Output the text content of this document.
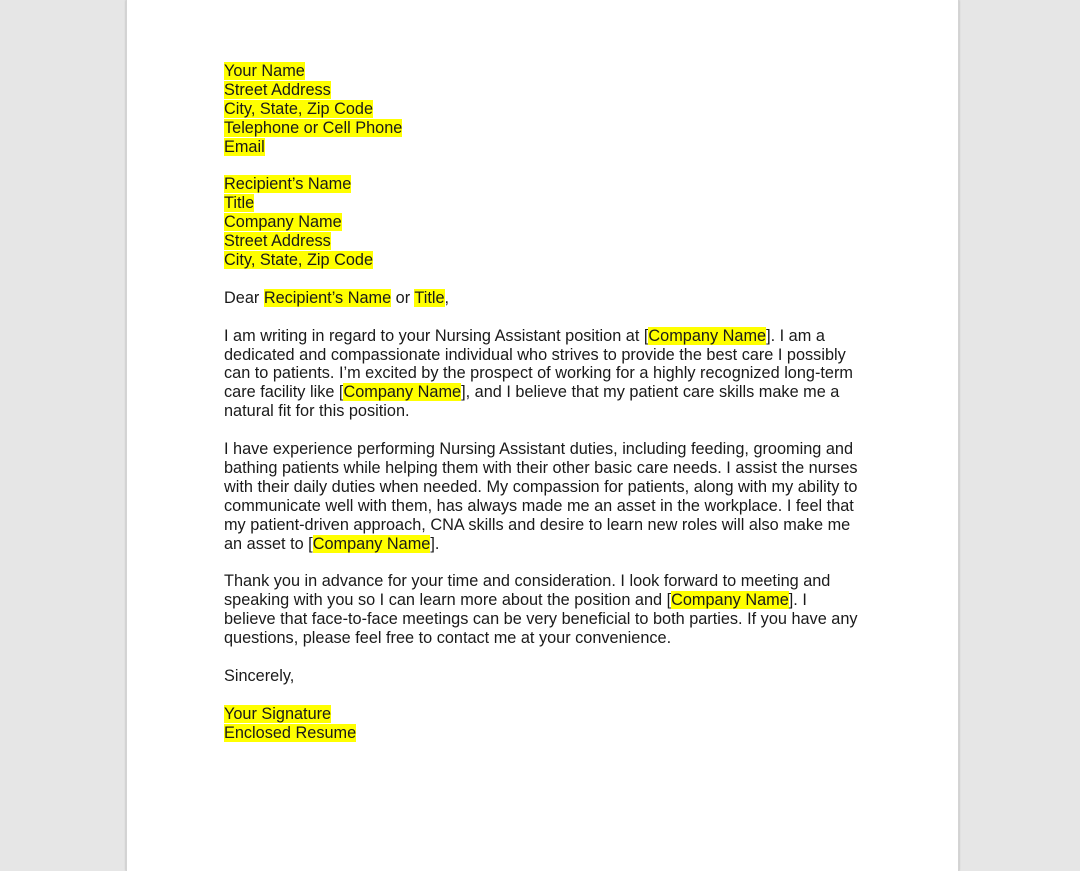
Your Name
Street Address
City, State, Zip Code
Telephone or Cell Phone
Email
Recipient’s Name
Title
Company Name
Street Address
City, State, Zip Code
Dear Recipient’s Name or Title,
I am writing in regard to your Nursing Assistant position at [Company Name]. I am a
dedicated and compassionate individual who strives to provide the best care I possibly
can to patients. I’m excited by the prospect of working for a highly recognized long-term
care facility like [Company Name], and I believe that my patient care skills make me a
natural fit for this position.
I have experience performing Nursing Assistant duties, including feeding, grooming and
bathing patients while helping them with their other basic care needs. I assist the nurses
with their daily duties when needed. My compassion for patients, along with my ability to
communicate well with them, has always made me an asset in the workplace. I feel that
my patient-driven approach, CNA skills and desire to learn new roles will also make me
an asset to [Company Name].
Thank you in advance for your time and consideration. I look forward to meeting and
speaking with you so I can learn more about the position and [Company Name]. I
believe that face-to-face meetings can be very beneficial to both parties. If you have any
questions, please feel free to contact me at your convenience.
Sincerely,
Your Signature
Enclosed Resume
